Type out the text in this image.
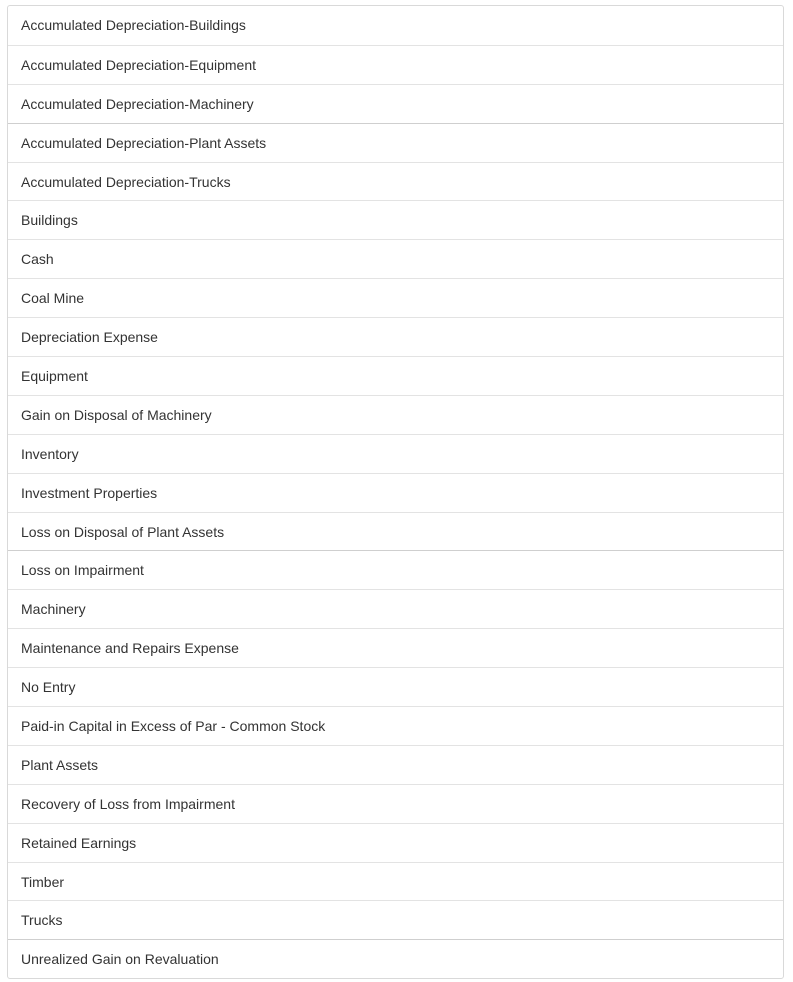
Accumulated Depreciation-Buildings
Accumulated Depreciation-Equipment
Accumulated Depreciation-Machinery
Accumulated Depreciation-Plant Assets
Accumulated Depreciation-Trucks
Buildings
Cash
Coal Mine
Depreciation Expense
Equipment
Gain on Disposal of Machinery
Inventory
Investment Properties
Loss on Disposal of Plant Assets
Loss on Impairment
Machinery
Maintenance and Repairs Expense
No Entry
Paid-in Capital in Excess of Par - Common Stock
Plant Assets
Recovery of Loss from Impairment
Retained Earnings
Timber
Trucks
Unrealized Gain on Revaluation
